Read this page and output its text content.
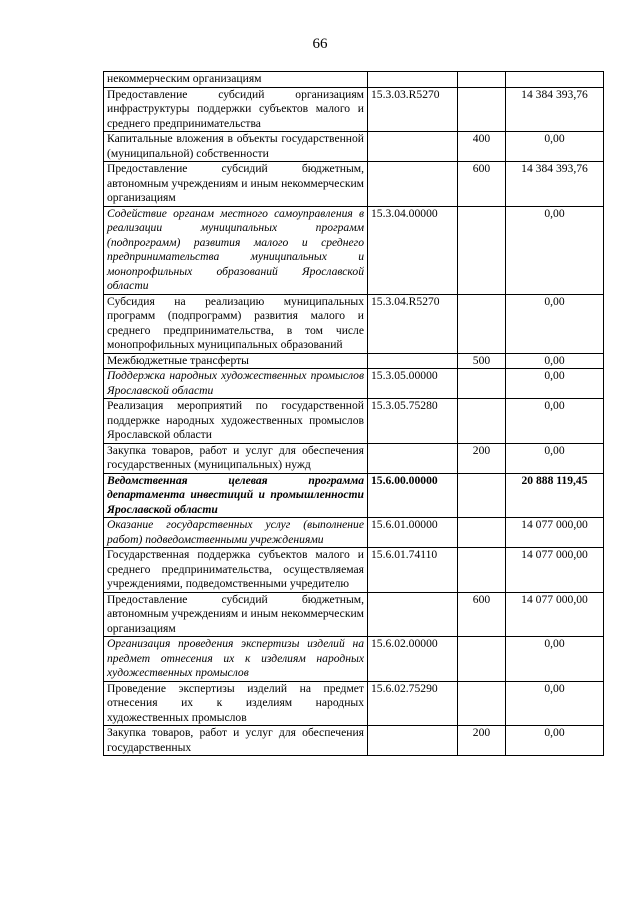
66
некоммерческим организациям			
Предоставление субсидий организациям инфраструктуры поддержки субъектов малого и среднего предпринимательства	15.3.03.R5270		14 384 393,76
Капитальные вложения в объекты государственной (муниципальной) собственности		400	0,00
Предоставление субсидий бюджетным, автономным учреждениям и иным некоммерческим организациям		600	14 384 393,76
Содействие органам местного самоуправления в реализации муниципальных программ (подпрограмм) развития малого и среднего предпринимательства муниципальных и монопрофильных образований Ярославской области	15.3.04.00000		0,00
Субсидия на реализацию муниципальных программ (подпрограмм) развития малого и среднего предпринимательства, в том числе монопрофильных муниципальных образований	15.3.04.R5270		0,00
Межбюджетные трансферты		500	0,00
Поддержка народных художественных промыслов Ярославской области	15.3.05.00000		0,00
Реализация мероприятий по государственной поддержке народных художественных промыслов Ярославской области	15.3.05.75280		0,00
Закупка товаров, работ и услуг для обеспечения государственных (муниципальных) нужд		200	0,00
Ведомственная целевая программа департамента инвестиций и промышленности Ярославской области	15.6.00.00000		20 888 119,45
Оказание государственных услуг (выполнение работ) подведомственными учреждениями	15.6.01.00000		14 077 000,00
Государственная поддержка субъектов малого и среднего предпринимательства, осуществляемая учреждениями, подведомственными учредителю	15.6.01.74110		14 077 000,00
Предоставление субсидий бюджетным, автономным учреждениям и иным некоммерческим организациям		600	14 077 000,00
Организация проведения экспертизы изделий на предмет отнесения их к изделиям народных художественных промыслов	15.6.02.00000		0,00
Проведение экспертизы изделий на предмет отнесения их к изделиям народных художественных промыслов	15.6.02.75290		0,00
Закупка товаров, работ и услуг для обеспечения государственных		200	0,00
